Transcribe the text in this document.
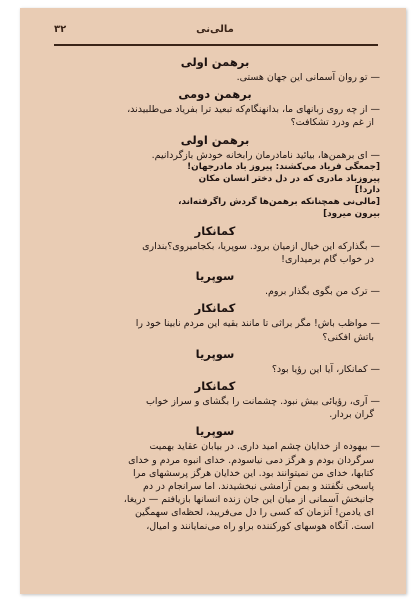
۳۲	مالی‌نی
برهمن اولی
— تو روان آسمانی این جهان هستی.
برهمن دومی
— از چه روی زبانهای ما، بدانهنگام‌که تبعید ترا بفریاد می‌طلبیدند،
از غم ودرد تشکافت؟
برهمن اولی
— ای برهمن‌ها، بیائید نامادرمان رابخانه خودش بازگردانیم.
[جمعگی فریاد می‌کشند: پیروز باد مادرجهان!
پیروزباد مادری که در دل دختر انسان مکان
دارد!]
[مالی‌نی همچنانکه برهمن‌ها گردش راگرفته‌اند،
بیرون میرود]
کمانکار
— بگذارکه این خیال ازمیان برود. سوپریا، بکجامیروی؟بنداری
در خواب گام برمیداری!
سوپریا
— ترک من بگوی بگذار بروم.
کمانکار
— مواظب باش! مگر براثی تا مانند بقیه این مردم نابینا خود را
باتش افکنی؟
سوپریا
— کمانکار، آیا این رؤیا بود؟
کمانکار
— آری، رؤیائی بیش نبود. چشمانت را بگشای و سراز خواب
گران بردار.
سوپریا
— بیهوده از خدایان چشم امید داری. در بیابان عقاید بهمیت
سرگردان بودم و هرگز دمی نیاسودم. خدای انبوه مردم و خدای
کتابها، خدای من نمیتوانند بود. این خدایان هرگز پرسشهای مرا
پاسخی نگفتند و بمن آرامشی نبخشیدند. اما سرانجام در دم
جانبخش آسمانی از میان این جان زنده انسانها بازیافتم — دریغا،
ای یادمن! آنزمان که کسی را دل می‌فریبد، لحظه‌ای سهمگین
است. آنگاه هوسهای کورکننده براو راه می‌نمایانند و امیال،
